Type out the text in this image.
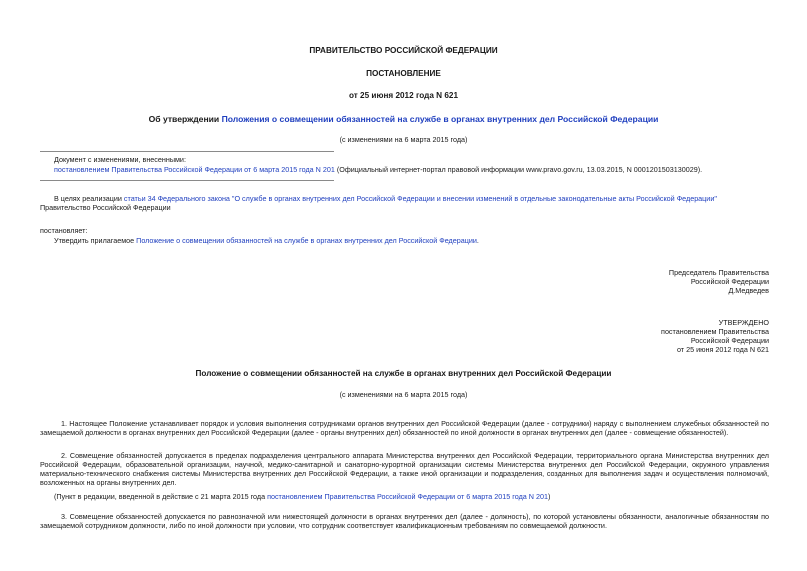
ПРАВИТЕЛЬСТВО РОССИЙСКОЙ ФЕДЕРАЦИИ
ПОСТАНОВЛЕНИЕ
от 25 июня 2012 года N 621
Об утверждении Положения о совмещении обязанностей на службе в органах внутренних дел Российской Федерации
(с изменениями на 6 марта 2015 года)
Документ с изменениями, внесенными:
постановлением Правительства Российской Федерации от 6 марта 2015 года N 201 (Официальный интернет-портал правовой информации www.pravo.gov.ru, 13.03.2015, N 0001201503130029).
В целях реализации статьи 34 Федерального закона "О службе в органах внутренних дел Российской Федерации и внесении изменений в отдельные законодательные акты Российской Федерации" Правительство Российской Федерации
постановляет:
Утвердить прилагаемое Положение о совмещении обязанностей на службе в органах внутренних дел Российской Федерации.
Председатель Правительства
Российской Федерации
Д.Медведев
УТВЕРЖДЕНО
постановлением Правительства
Российской Федерации
от 25 июня 2012 года N 621
Положение о совмещении обязанностей на службе в органах внутренних дел Российской Федерации
(с изменениями на 6 марта 2015 года)
1. Настоящее Положение устанавливает порядок и условия выполнения сотрудниками органов внутренних дел Российской Федерации (далее - сотрудники) наряду с выполнением служебных обязанностей по замещаемой должности в органах внутренних дел Российской Федерации (далее - органы внутренних дел) обязанностей по иной должности в органах внутренних дел (далее - совмещение обязанностей).
2. Совмещение обязанностей допускается в пределах подразделения центрального аппарата Министерства внутренних дел Российской Федерации, территориального органа Министерства внутренних дел Российской Федерации, образовательной организации, научной, медико-санитарной и санаторно-курортной организации системы Министерства внутренних дел Российской Федерации, окружного управления материально-технического снабжения системы Министерства внутренних дел Российской Федерации, а также иной организации и подразделения, созданных для выполнения задач и осуществления полномочий, возложенных на органы внутренних дел.
(Пункт в редакции, введенной в действие с 21 марта 2015 года постановлением Правительства Российской Федерации от 6 марта 2015 года N 201)
3. Совмещение обязанностей допускается по равнозначной или нижестоящей должности в органах внутренних дел (далее - должность), по которой установлены обязанности, аналогичные обязанностям по замещаемой сотрудником должности, либо по иной должности при условии, что сотрудник соответствует квалификационным требованиям по совмещаемой должности.
